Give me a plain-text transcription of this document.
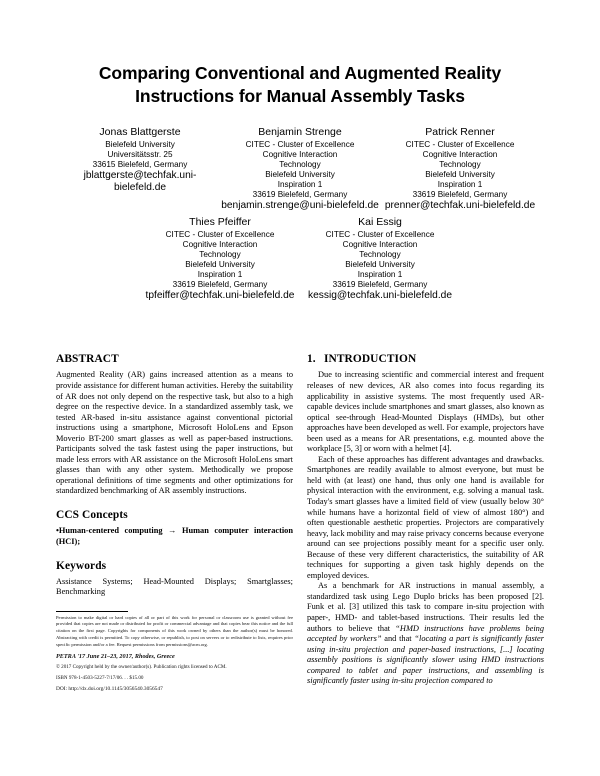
Comparing Conventional and Augmented Reality
Instructions for Manual Assembly Tasks
Jonas Blattgerste
Bielefeld University
Universitätsstr. 25
33615 Bielefeld, Germany
jblattgerste@techfak.uni-bielefeld.de
Benjamin Strenge
CITEC - Cluster of Excellence
Cognitive Interaction
Technology
Bielefeld University
Inspiration 1
33619 Bielefeld, Germany
benjamin.strenge@uni-bielefeld.de
Patrick Renner
CITEC - Cluster of Excellence
Cognitive Interaction
Technology
Bielefeld University
Inspiration 1
33619 Bielefeld, Germany
prenner@techfak.uni-bielefeld.de
Thies Pfeiffer
CITEC - Cluster of Excellence
Cognitive Interaction
Technology
Bielefeld University
Inspiration 1
33619 Bielefeld, Germany
tpfeiffer@techfak.uni-bielefeld.de
Kai Essig
CITEC - Cluster of Excellence
Cognitive Interaction
Technology
Bielefeld University
Inspiration 1
33619 Bielefeld, Germany
kessig@techfak.uni-bielefeld.de
ABSTRACT

Augmented Reality (AR) gains increased attention as a means to provide assistance for different human activities. Hereby the suitability of AR does not only depend on the respective task, but also to a high degree on the respective device. In a standardized assembly task, we tested AR-based in-situ assistance against conventional pictorial instructions using a smartphone, Microsoft HoloLens and Epson Moverio BT-200 smart glasses as well as paper-based instructions. Participants solved the task fastest using the paper instructions, but made less errors with AR assistance on the Microsoft HoloLens smart glasses than with any other system. Methodically we propose operational definitions of time segments and other optimizations for standardized benchmarking of AR assembly instructions.

CCS Concepts

•Human-centered computing → Human computer interaction (HCI);

Keywords

Assistance Systems; Head-Mounted Displays; Smartglasses; Benchmarking

Permission to make digital or hard copies of all or part of this work for personal or classroom use is granted without fee provided that copies are not made or distributed for profit or commercial advantage and that copies bear this notice and the full citation on the first page. Copyrights for components of this work owned by others than the author(s) must be honored. Abstracting with credit is permitted. To copy otherwise, or republish, to post on servers or to redistribute to lists, requires prior specific permission and/or a fee. Request permissions from permissions@acm.org.

PETRA '17 June 21–23, 2017, Rhodes, Greece

© 2017 Copyright held by the owner/author(s). Publication rights licensed to ACM.

ISBN 978-1-4503-5227-7/17/06. . . $15.00

DOI: http://dx.doi.org/10.1145/3056540.3056547

1. INTRODUCTION

Due to increasing scientific and commercial interest and frequent releases of new devices, AR also comes into focus regarding its applicability in assistive systems. The most frequently used AR-capable devices include smartphones and smart glasses, also known as optical see-through Head-Mounted Displays (HMDs), but other approaches have been developed as well. For example, projectors have been used as a means for AR presentations, e.g. mounted above the workplace [5, 3] or worn with a helmet [4].

Each of these approaches has different advantages and drawbacks. Smartphones are readily available to almost everyone, but must be held with (at least) one hand, thus only one hand is available for physical interaction with the environment, e.g. solving a manual task. Today's smart glasses have a limited field of view (usually below 30° while humans have a horizontal field of view of almost 180°) and often questionable aesthetic properties. Projectors are comparatively heavy, lack mobility and may raise privacy concerns because everyone around can see projections possibly meant for a specific user only. Because of these very different characteristics, the suitability of AR techniques for supporting a given task highly depends on the employed devices.

As a benchmark for AR instructions in manual assembly, a standardized task using Lego Duplo bricks has been proposed [2]. Funk et al. [3] utilized this task to compare in-situ projection with paper-, HMD- and tablet-based instructions. Their results led the authors to believe that “HMD instructions have problems being accepted by workers” and that “locating a part is significantly faster using in-situ projection and paper-based instructions, [...] locating assembly positions is significantly slower using HMD instructions compared to tablet and paper instructions, and assembling is significantly faster using in-situ projection compared to
